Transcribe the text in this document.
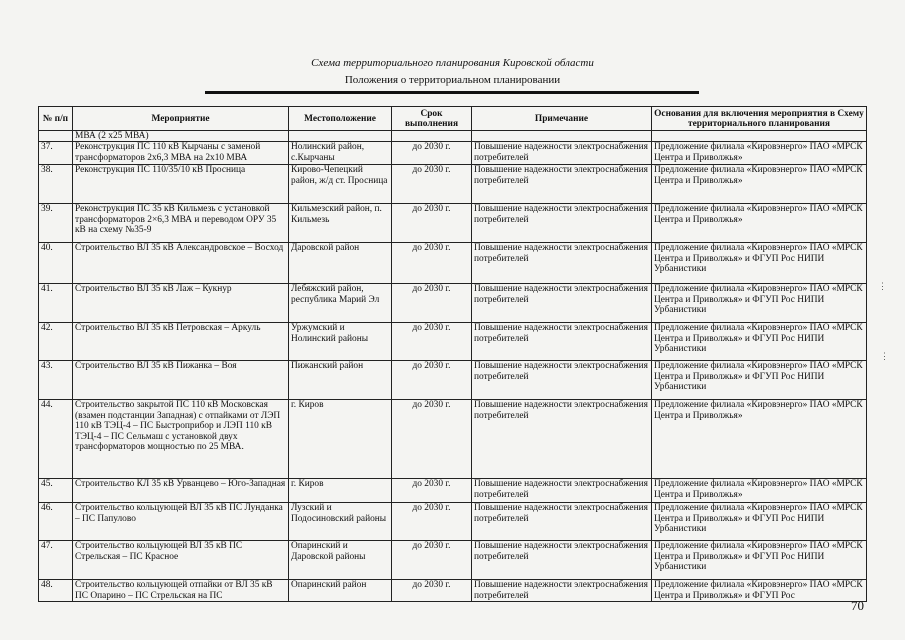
Схема территориального планирования Кировской области
Положения о территориальном планировании
№ п/п	Мероприятие	Местоположение	Срок выполнения	Примечание	Основания для включения мероприятия в Схему территориального планирования
	МВА (2 х25 МВА)				
37.	Реконструкция ПС 110 кВ Кырчаны с заменой трансформаторов 2х6,3 МВА на 2х10 МВА	Нолинский район, с.Кырчаны	до 2030 г.	Повышение надежности электроснабжения потребителей	Предложение филиала «Кировэнерго» ПАО «МРСК Центра и Приволжья»
38.	Реконструкция ПС 110/35/10 кВ Просница	Кирово-Чепецкий район, ж/д ст. Просница	до 2030 г.	Повышение надежности электроснабжения потребителей	Предложение филиала «Кировэнерго» ПАО «МРСК Центра и Приволжья»
39.	Реконструкция ПС 35 кВ Кильмезь с установкой трансформаторов 2×6,3 МВА и переводом ОРУ 35 кВ на схему №35-9	Кильмезский район, п. Кильмезь	до 2030 г.	Повышение надежности электроснабжения потребителей	Предложение филиала «Кировэнерго» ПАО «МРСК Центра и Приволжья»
40.	Строительство ВЛ 35 кВ Александровское – Восход	Даровской район	до 2030 г.	Повышение надежности электроснабжения потребителей	Предложение филиала «Кировэнерго» ПАО «МРСК Центра и Приволжья» и ФГУП Рос НИПИ Урбанистики
41.	Строительство ВЛ 35 кВ Лаж – Кукнур	Лебяжский район, республика Марий Эл	до 2030 г.	Повышение надежности электроснабжения потребителей	Предложение филиала «Кировэнерго» ПАО «МРСК Центра и Приволжья» и ФГУП Рос НИПИ Урбанистики
42.	Строительство ВЛ 35 кВ Петровская – Аркуль	Уржумский и Нолинский районы	до 2030 г.	Повышение надежности электроснабжения потребителей	Предложение филиала «Кировэнерго» ПАО «МРСК Центра и Приволжья» и ФГУП Рос НИПИ Урбанистики
43.	Строительство ВЛ 35 кВ Пижанка – Воя	Пижанский район	до 2030 г.	Повышение надежности электроснабжения потребителей	Предложение филиала «Кировэнерго» ПАО «МРСК Центра и Приволжья» и ФГУП Рос НИПИ Урбанистики
44.	Строительство закрытой ПС 110 кВ Московская (взамен подстанции Западная) с отпайками от ЛЭП 110 кВ ТЭЦ-4 – ПС Быстроприбор и ЛЭП 110 кВ ТЭЦ-4 – ПС Сельмаш с установкой двух трансформаторов мощностью по 25 МВА.	г. Киров	до 2030 г.	Повышение надежности электроснабжения потребителей	Предложение филиала «Кировэнерго» ПАО «МРСК Центра и Приволжья»
45.	Строительство КЛ 35 кВ Урванцево – Юго-Западная	г. Киров	до 2030 г.	Повышение надежности электроснабжения потребителей	Предложение филиала «Кировэнерго» ПАО «МРСК Центра и Приволжья»
46.	Строительство кольцующей ВЛ 35 кВ ПС Лунданка – ПС Папулово	Лузский и Подосиновский районы	до 2030 г.	Повышение надежности электроснабжения потребителей	Предложение филиала «Кировэнерго» ПАО «МРСК Центра и Приволжья» и ФГУП Рос НИПИ Урбанистики
47.	Строительство кольцующей ВЛ 35 кВ ПС Стрельская – ПС Красное	Опаринский и Даровской районы	до 2030 г.	Повышение надежности электроснабжения потребителей	Предложение филиала «Кировэнерго» ПАО «МРСК Центра и Приволжья» и ФГУП Рос НИПИ Урбанистики
48.	Строительство кольцующей отпайки от ВЛ 35 кВ ПС Опарино – ПС Стрельская на ПС	Опаринский район	до 2030 г.	Повышение надежности электроснабжения потребителей	Предложение филиала «Кировэнерго» ПАО «МРСК Центра и Приволжья» и ФГУП Рос
70
⋮
⋮
